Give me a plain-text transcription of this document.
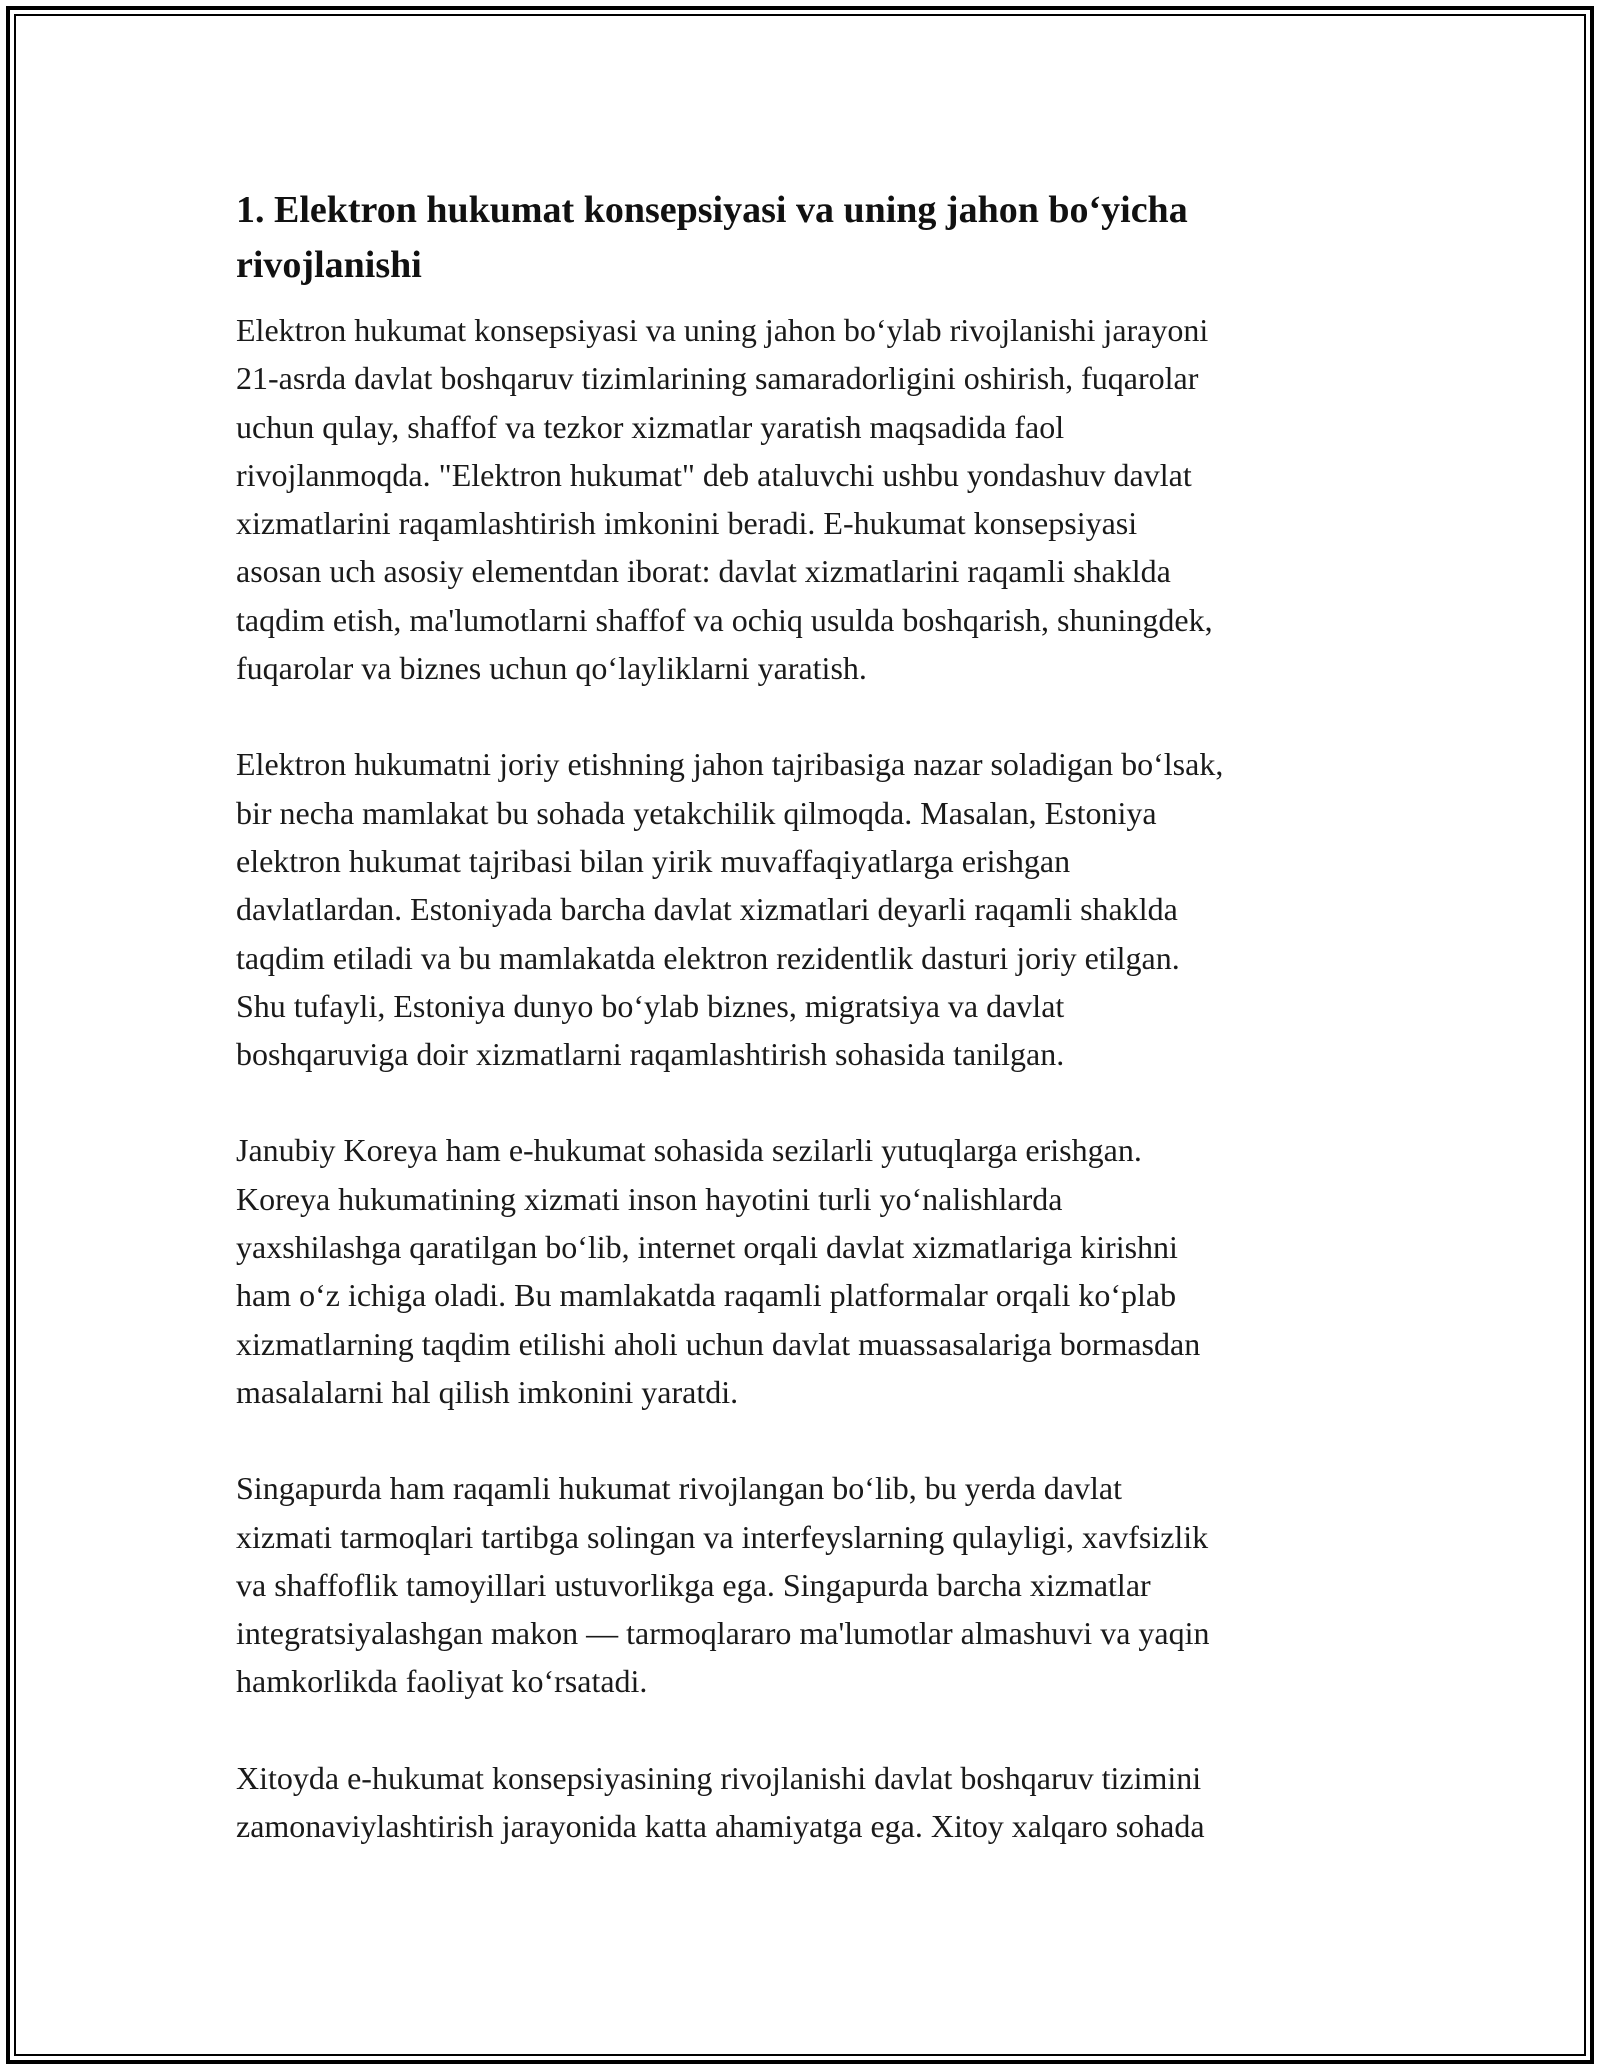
1. Elektron hukumat konsepsiyasi va uning jahon bo‘yicha
rivojlanishi

Elektron hukumat konsepsiyasi va uning jahon bo‘ylab rivojlanishi jarayoni
21-asrda davlat boshqaruv tizimlarining samaradorligini oshirish, fuqarolar
uchun qulay, shaffof va tezkor xizmatlar yaratish maqsadida faol
rivojlanmoqda. "Elektron hukumat" deb ataluvchi ushbu yondashuv davlat
xizmatlarini raqamlashtirish imkonini beradi. E-hukumat konsepsiyasi
asosan uch asosiy elementdan iborat: davlat xizmatlarini raqamli shaklda
taqdim etish, ma'lumotlarni shaffof va ochiq usulda boshqarish, shuningdek,
fuqarolar va biznes uchun qo‘layliklarni yaratish.

Elektron hukumatni joriy etishning jahon tajribasiga nazar soladigan bo‘lsak,
bir necha mamlakat bu sohada yetakchilik qilmoqda. Masalan, Estoniya
elektron hukumat tajribasi bilan yirik muvaffaqiyatlarga erishgan
davlatlardan. Estoniyada barcha davlat xizmatlari deyarli raqamli shaklda
taqdim etiladi va bu mamlakatda elektron rezidentlik dasturi joriy etilgan.
Shu tufayli, Estoniya dunyo bo‘ylab biznes, migratsiya va davlat
boshqaruviga doir xizmatlarni raqamlashtirish sohasida tanilgan.

Janubiy Koreya ham e-hukumat sohasida sezilarli yutuqlarga erishgan.
Koreya hukumatining xizmati inson hayotini turli yo‘nalishlarda
yaxshilashga qaratilgan bo‘lib, internet orqali davlat xizmatlariga kirishni
ham o‘z ichiga oladi. Bu mamlakatda raqamli platformalar orqali ko‘plab
xizmatlarning taqdim etilishi aholi uchun davlat muassasalariga bormasdan
masalalarni hal qilish imkonini yaratdi.

Singapurda ham raqamli hukumat rivojlangan bo‘lib, bu yerda davlat
xizmati tarmoqlari tartibga solingan va interfeyslarning qulayligi, xavfsizlik
va shaffoflik tamoyillari ustuvorlikga ega. Singapurda barcha xizmatlar
integratsiyalashgan makon — tarmoqlararo ma'lumotlar almashuvi va yaqin
hamkorlikda faoliyat ko‘rsatadi.

Xitoyda e-hukumat konsepsiyasining rivojlanishi davlat boshqaruv tizimini
zamonaviylashtirish jarayonida katta ahamiyatga ega. Xitoy xalqaro sohada
